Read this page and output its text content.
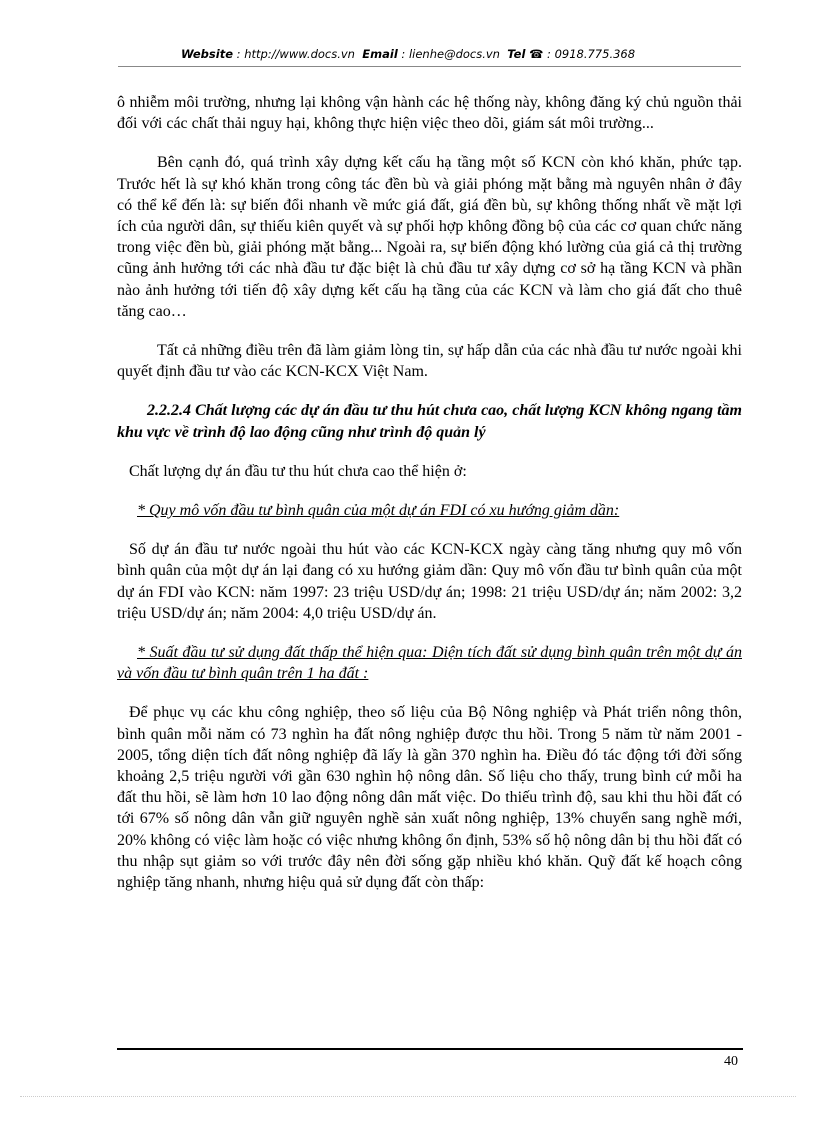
Website : http://www.docs.vn Email : lienhe@docs.vn Tel ☎ : 0918.775.368

ô nhiễm môi trường, nhưng lại không vận hành các hệ thống này, không đăng ký chủ nguồn thải đối với các chất thải nguy hại, không thực hiện việc theo dõi, giám sát môi trường...

Bên cạnh đó, quá trình xây dựng kết cấu hạ tầng một số KCN còn khó khăn, phức tạp. Trước hết là sự khó khăn trong công tác đền bù và giải phóng mặt bằng mà nguyên nhân ở đây có thể kể đến là: sự biến đổi nhanh về mức giá đất, giá đền bù, sự không thống nhất về mặt lợi ích của người dân, sự thiếu kiên quyết và sự phối hợp không đồng bộ của các cơ quan chức năng trong việc đền bù, giải phóng mặt bằng... Ngoài ra, sự biến động khó lường của giá cả thị trường cũng ảnh hưởng tới các nhà đầu tư đặc biệt là chủ đầu tư xây dựng cơ sở hạ tầng KCN và phần nào ảnh hưởng tới tiến độ xây dựng kết cấu hạ tầng của các KCN và làm cho giá đất cho thuê tăng cao…

Tất cả những điều trên đã làm giảm lòng tin, sự hấp dẫn của các nhà đầu tư nước ngoài khi quyết định đầu tư vào các KCN-KCX Việt Nam.

2.2.2.4 Chất lượng các dự án đầu tư thu hút chưa cao, chất lượng KCN không ngang tầm khu vực về trình độ lao động cũng như trình độ quản lý

Chất lượng dự án đầu tư thu hút chưa cao thể hiện ở:

* Quy mô vốn đầu tư bình quân của một dự án FDI có xu hướng giảm dần:

Số dự án đầu tư nước ngoài thu hút vào các KCN-KCX ngày càng tăng nhưng quy mô vốn bình quân của một dự án lại đang có xu hướng giảm dần: Quy mô vốn đầu tư bình quân của một dự án FDI vào KCN: năm 1997: 23 triệu USD/dự án; 1998: 21 triệu USD/dự án; năm 2002: 3,2 triệu USD/dự án; năm 2004: 4,0 triệu USD/dự án.

* Suất đầu tư sử dụng đất thấp thể hiện qua: Diện tích đất sử dụng bình quân trên một dự án và vốn đầu tư bình quân trên 1 ha đất :

Để phục vụ các khu công nghiệp, theo số liệu của Bộ Nông nghiệp và Phát triển nông thôn, bình quân mỗi năm có 73 nghìn ha đất nông nghiệp được thu hồi. Trong 5 năm từ năm 2001 - 2005, tổng diện tích đất nông nghiệp đã lấy là gần 370 nghìn ha. Điều đó tác động tới đời sống khoảng 2,5 triệu người với gần 630 nghìn hộ nông dân. Số liệu cho thấy, trung bình cứ mỗi ha đất thu hồi, sẽ làm hơn 10 lao động nông dân mất việc. Do thiếu trình độ, sau khi thu hồi đất có tới 67% số nông dân vẫn giữ nguyên nghề sản xuất nông nghiệp, 13% chuyển sang nghề mới, 20% không có việc làm hoặc có việc nhưng không ổn định, 53% số hộ nông dân bị thu hồi đất có thu nhập sụt giảm so với trước đây nên đời sống gặp nhiều khó khăn. Quỹ đất kế hoạch công nghiệp tăng nhanh, nhưng hiệu quả sử dụng đất còn thấp:

40
